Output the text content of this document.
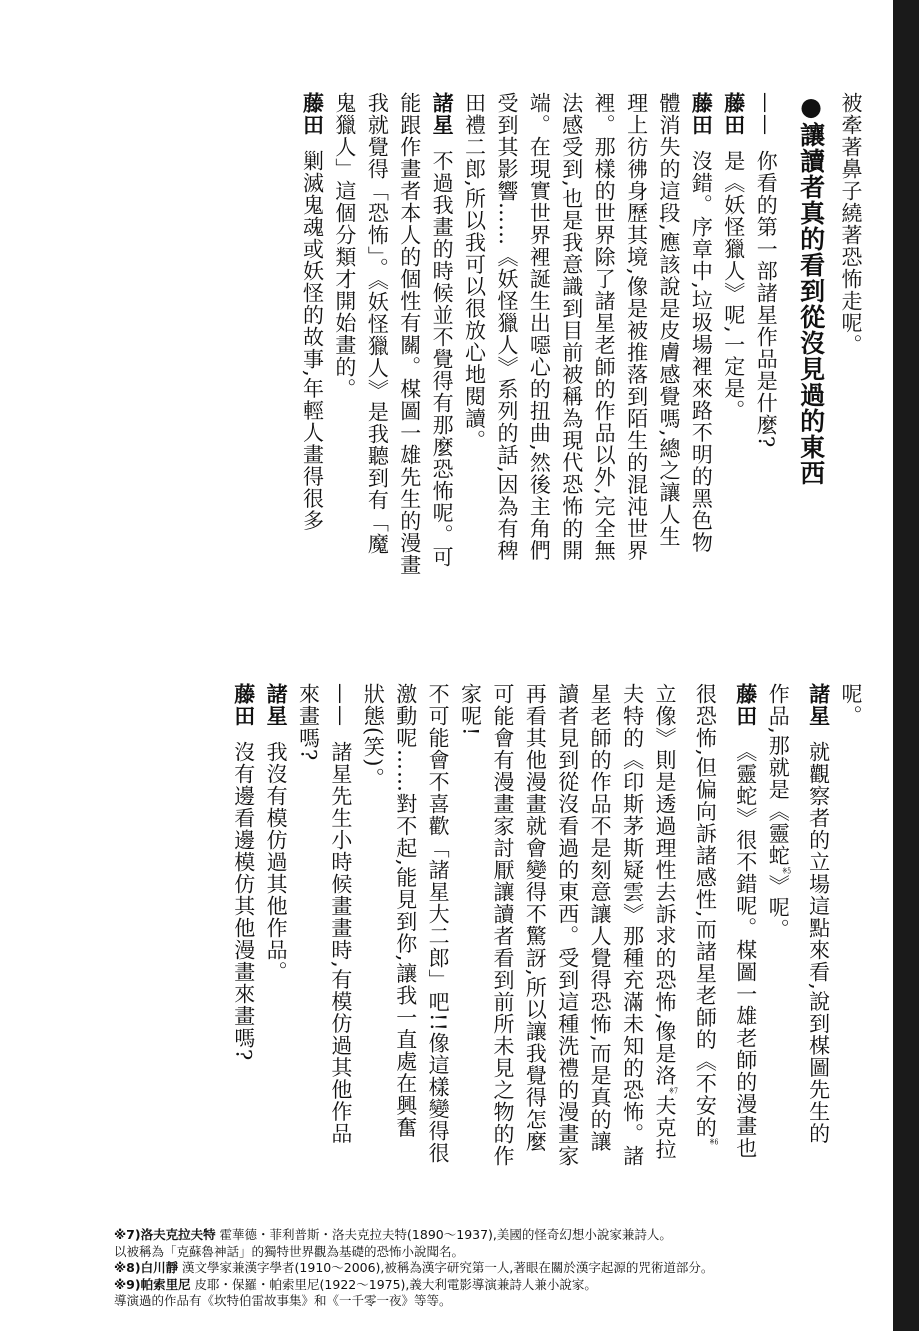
被牽著鼻子繞著恐怖走呢。
●讓讀者真的看到從沒見過的東西
——你看的第一部諸星作品是什麼?
藤田是《妖怪獵人》呢,一定是。
藤田沒錯。序章中,垃圾場裡來路不明的黑色物
體消失的這段,應該說是皮膚感覺嗎,總之讓人生
理上彷彿身歷其境,像是被推落到陌生的混沌世界
裡。那樣的世界除了諸星老師的作品以外,完全無
法感受到,也是我意識到目前被稱為現代恐怖的開
端。在現實世界裡誕生出噁心的扭曲,然後主角們
受到其影響……《妖怪獵人》系列的話,因為有稗
田禮二郎,所以我可以很放心地閱讀。
諸星不過我畫的時候並不覺得有那麼恐怖呢。可
能跟作畫者本人的個性有關。楳圖一雄先生的漫畫
我就覺得「恐怖」。《妖怪獵人》是我聽到有「魔
鬼獵人」這個分類才開始畫的。
藤田剿滅鬼魂或妖怪的故事,年輕人畫得很多
呢。
諸星就觀察者的立場這點來看,說到楳圖先生的
作品,那就是《靈蛇$^{※5}$》呢。
藤田《靈蛇》很不錯呢。楳圖一雄老師的漫畫也
很恐怖,但偏向訴諸感性,而諸星老師的《不安的$^{※6}$
立像》則是透過理性去訴求的恐怖,像是洛$^{※7}$夫克拉
夫特的《印斯茅斯疑雲》那種充滿未知的恐怖。諸
星老師的作品不是刻意讓人覺得恐怖,而是真的讓
讀者見到從沒看過的東西。受到這種洗禮的漫畫家
再看其他漫畫就會變得不驚訝,所以讓我覺得怎麼
可能會有漫畫家討厭讓讀者看到前所未見之物的作
家呢!
不可能會不喜歡「諸星大二郎」吧!!像這樣變得很
激動呢……對不起,能見到你,讓我一直處在興奮
狀態(笑)。
——諸星先生小時候畫畫時,有模仿過其他作品
來畫嗎?
諸星我沒有模仿過其他作品。
藤田沒有邊看邊模仿其他漫畫來畫嗎?
※7)洛夫克拉夫特 霍華德・菲利普斯・洛夫克拉夫特(1890〜1937),美國的怪奇幻想小說家兼詩人。
以被稱為「克蘇魯神話」的獨特世界觀為基礎的恐怖小說聞名。
※8)白川靜 漢文學家兼漢字學者(1910〜2006),被稱為漢字研究第一人,著眼在關於漢字起源的咒術道部分。
※9)帕索里尼 皮耶・保羅・帕索里尼(1922〜1975),義大利電影導演兼詩人兼小說家。
導演過的作品有《坎特伯雷故事集》和《一千零一夜》等等。
